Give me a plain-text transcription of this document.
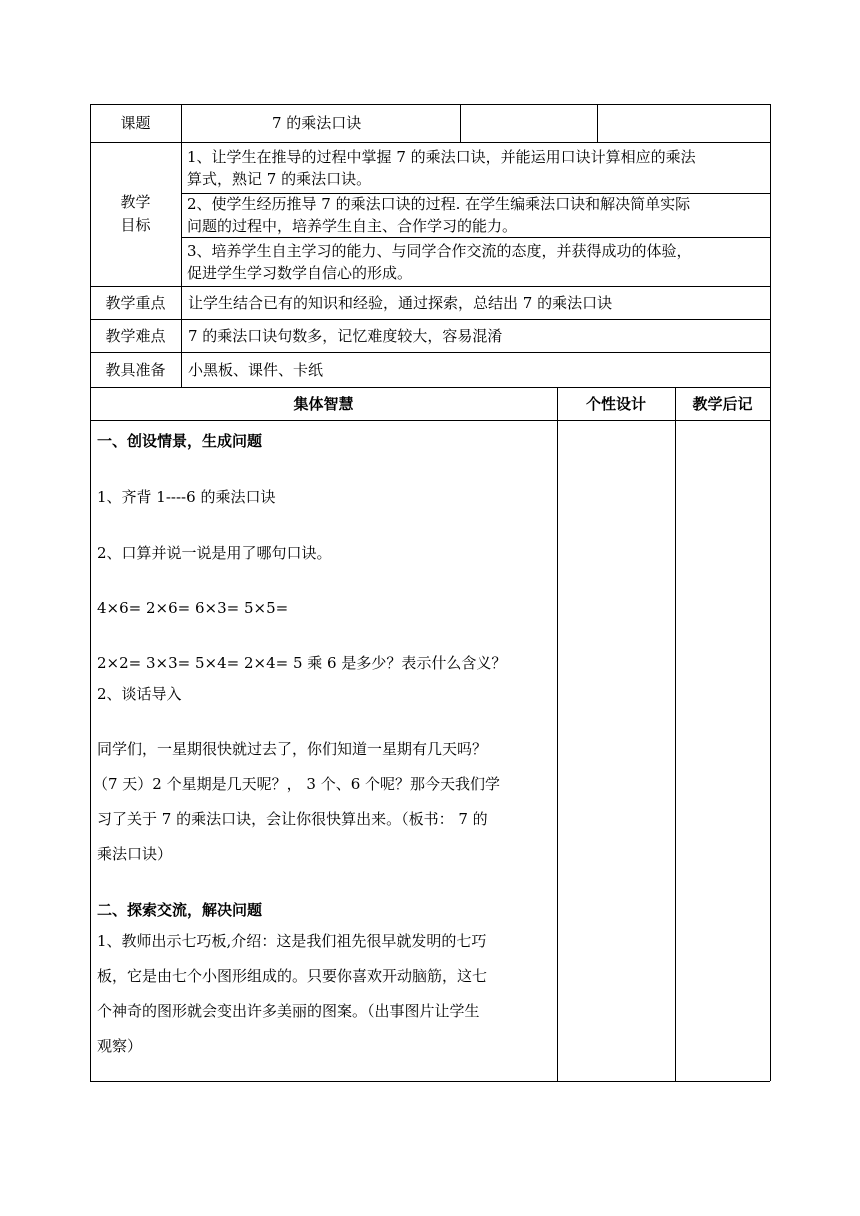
课题	7 的乘法口诀
教学
目标
1、让学生在推导的过程中掌握 7 的乘法口诀，并能运用口诀计算相应的乘法
算式，熟记 7 的乘法口诀。
2、使学生经历推导 7 的乘法口诀的过程. 在学生编乘法口诀和解决简单实际
问题的过程中，培养学生自主、合作学习的能力。
3、培养学生自主学习的能力、与同学合作交流的态度，并获得成功的体验，
促进学生学习数学自信心的形成。
教学重点	让学生结合已有的知识和经验，通过探索，总结出 7 的乘法口诀
教学难点	7 的乘法口诀句数多，记忆难度较大，容易混淆
教具准备	小黑板、课件、卡纸
集体智慧	个性设计	教学后记
一、创设情景，生成问题
1、齐背 1----6 的乘法口诀
2、口算并说一说是用了哪句口诀。
4×6= 2×6= 6×3= 5×5=
2×2= 3×3= 5×4= 2×4= 5 乘 6 是多少？表示什么含义？
2、谈话导入
同学们，一星期很快就过去了，你们知道一星期有几天吗？
（7 天）2 个星期是几天呢？， 3 个、6 个呢？那今天我们学
习了关于 7 的乘法口诀，会让你很快算出来。（板书： 7 的
乘法口诀）
二、探索交流，解决问题
1、教师出示七巧板,介绍：这是我们祖先很早就发明的七巧
板，它是由七个小图形组成的。只要你喜欢开动脑筋，这七
个神奇的图形就会变出许多美丽的图案。（出事图片让学生
观察）
